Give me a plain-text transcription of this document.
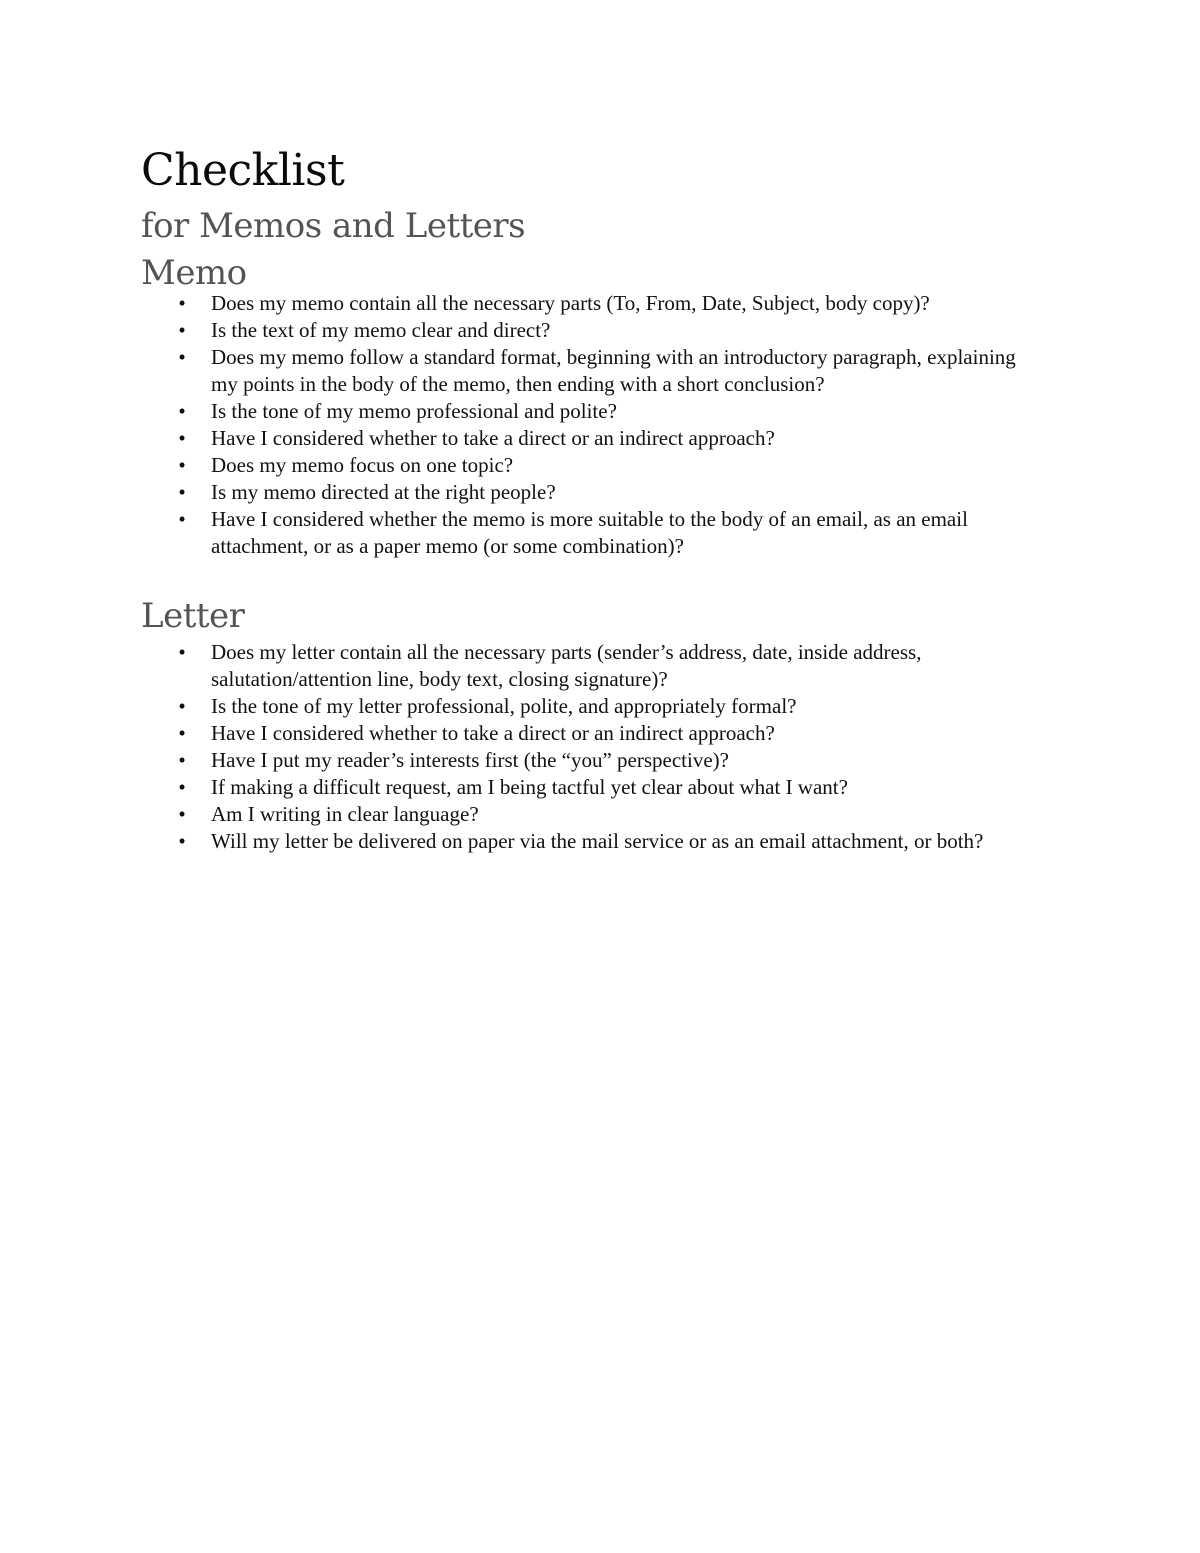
Checklist
for Memos and Letters
Memo
• Does my memo contain all the necessary parts (To, From, Date, Subject, body copy)?
• Is the text of my memo clear and direct?
• Does my memo follow a standard format, beginning with an introductory paragraph, explaining my points in the body of the memo, then ending with a short conclusion?
• Is the tone of my memo professional and polite?
• Have I considered whether to take a direct or an indirect approach?
• Does my memo focus on one topic?
• Is my memo directed at the right people?
• Have I considered whether the memo is more suitable to the body of an email, as an email attachment, or as a paper memo (or some combination)?
Letter
• Does my letter contain all the necessary parts (sender’s address, date, inside address, salutation/attention line, body text, closing signature)?
• Is the tone of my letter professional, polite, and appropriately formal?
• Have I considered whether to take a direct or an indirect approach?
• Have I put my reader’s interests first (the “you” perspective)?
• If making a difficult request, am I being tactful yet clear about what I want?
• Am I writing in clear language?
• Will my letter be delivered on paper via the mail service or as an email attachment, or both?
